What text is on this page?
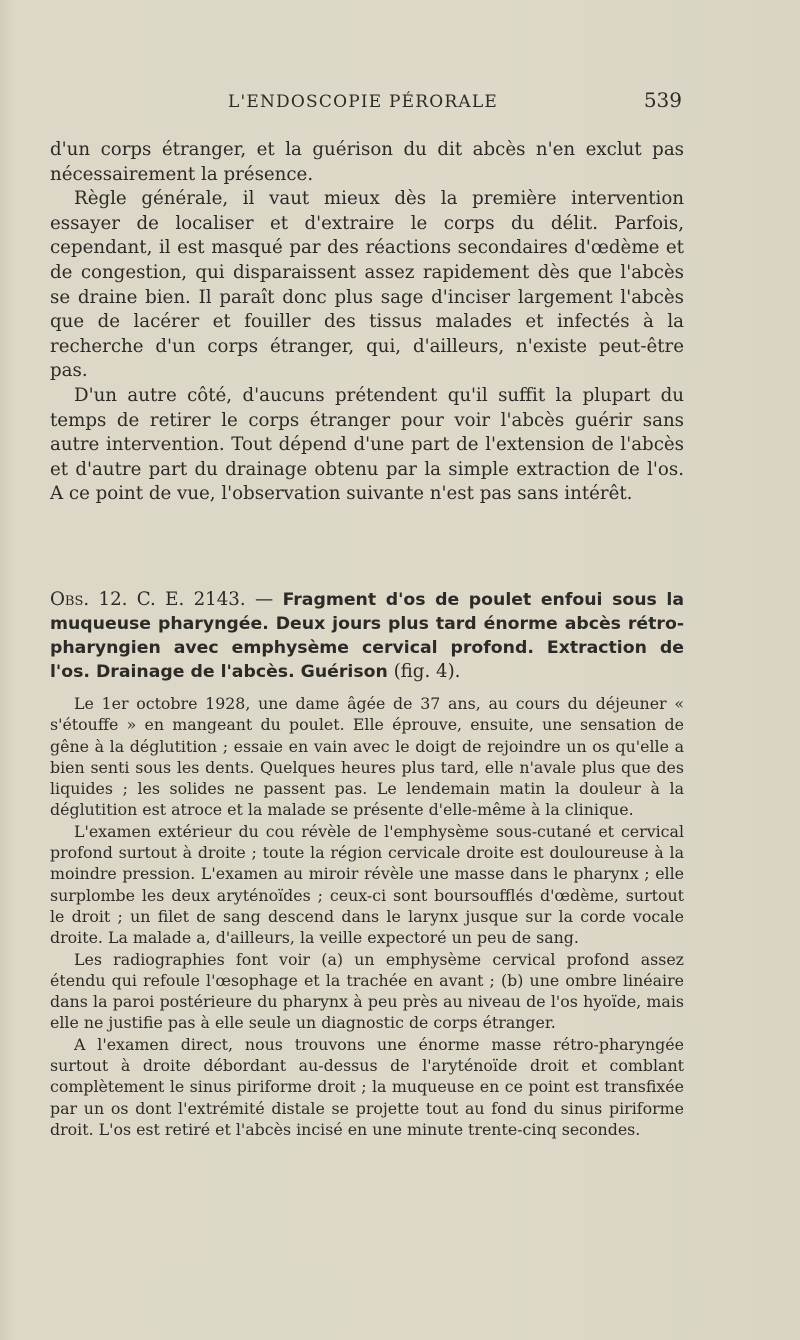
L'ENDOSCOPIE PÉRORALE	539

d'un corps étranger, et la guérison du dit abcès n'en exclut pas nécessairement la présence.

Règle générale, il vaut mieux dès la première intervention essayer de localiser et d'extraire le corps du délit. Parfois, cependant, il est masqué par des réactions secondaires d'œdème et de congestion, qui disparaissent assez rapidement dès que l'abcès se draine bien. Il paraît donc plus sage d'inciser largement l'abcès que de lacérer et fouiller des tissus malades et infectés à la recherche d'un corps étranger, qui, d'ailleurs, n'existe peut-être pas.

D'un autre côté, d'aucuns prétendent qu'il suffit la plupart du temps de retirer le corps étranger pour voir l'abcès guérir sans autre intervention. Tout dépend d'une part de l'extension de l'abcès et d'autre part du drainage obtenu par la simple extraction de l'os. A ce point de vue, l'observation suivante n'est pas sans intérêt.

Obs. 12. C. E. 2143. — Fragment d'os de poulet enfoui sous la muqueuse pharyngée. Deux jours plus tard énorme abcès rétro-pharyngien avec emphysème cervical profond. Extraction de l'os. Drainage de l'abcès. Guérison (fig. 4).

Le 1er octobre 1928, une dame âgée de 37 ans, au cours du déjeuner « s'étouffe » en mangeant du poulet. Elle éprouve, ensuite, une sensation de gêne à la déglutition ; essaie en vain avec le doigt de rejoindre un os qu'elle a bien senti sous les dents. Quelques heures plus tard, elle n'avale plus que des liquides ; les solides ne passent pas. Le lendemain matin la douleur à la déglutition est atroce et la malade se présente d'elle-même à la clinique.

L'examen extérieur du cou révèle de l'emphysème sous-cutané et cervical profond surtout à droite ; toute la région cervicale droite est douloureuse à la moindre pression. L'examen au miroir révèle une masse dans le pharynx ; elle surplombe les deux aryténoïdes ; ceux-ci sont boursoufflés d'œdème, surtout le droit ; un filet de sang descend dans le larynx jusque sur la corde vocale droite. La malade a, d'ailleurs, la veille expectoré un peu de sang.

Les radiographies font voir (a) un emphysème cervical profond assez étendu qui refoule l'œsophage et la trachée en avant ; (b) une ombre linéaire dans la paroi postérieure du pharynx à peu près au niveau de l'os hyoïde, mais elle ne justifie pas à elle seule un diagnostic de corps étranger.

A l'examen direct, nous trouvons une énorme masse rétro-pharyngée surtout à droite débordant au-dessus de l'aryténoïde droit et comblant complètement le sinus piriforme droit ; la muqueuse en ce point est transfixée par un os dont l'extrémité distale se projette tout au fond du sinus piriforme droit. L'os est retiré et l'abcès incisé en une minute trente-cinq secondes.
